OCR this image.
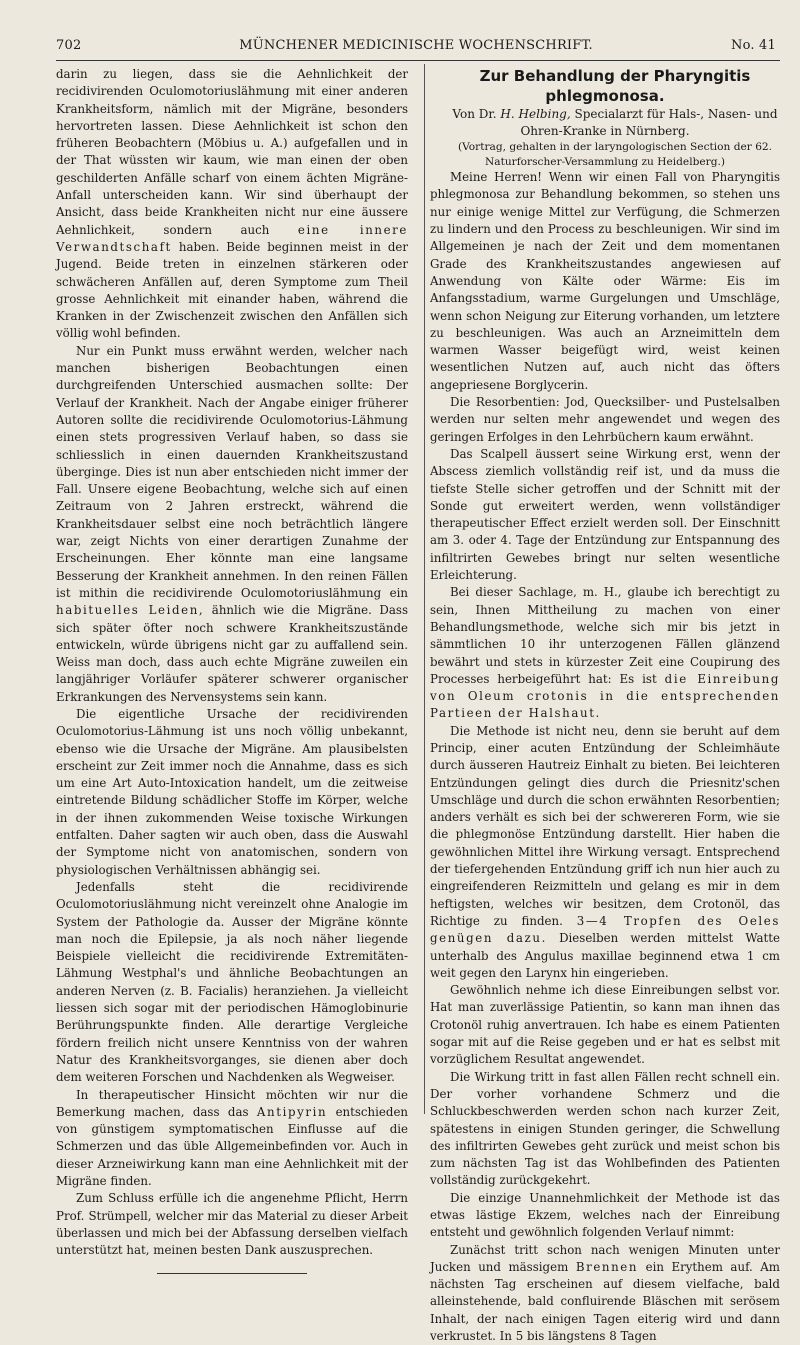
702	MÜNCHENER MEDICINISCHE WOCHENSCHRIFT.	No. 41

darin zu liegen, dass sie die Aehnlichkeit der recidivirenden Oculomotoriuslähmung mit einer anderen Krankheitsform, nämlich mit der Migräne, besonders hervortreten lassen. Diese Aehnlichkeit ist schon den früheren Beobachtern (Möbius u. A.) aufgefallen und in der That wüssten wir kaum, wie man einen der oben geschilderten Anfälle scharf von einem ächten Migräne-Anfall unterscheiden kann. Wir sind überhaupt der Ansicht, dass beide Krankheiten nicht nur eine äussere Aehnlichkeit, sondern auch eine innere Verwandtschaft haben. Beide beginnen meist in der Jugend. Beide treten in einzelnen stärkeren oder schwächeren Anfällen auf, deren Symptome zum Theil grosse Aehnlichkeit mit einander haben, während die Kranken in der Zwischenzeit zwischen den Anfällen sich völlig wohl befinden.

Nur ein Punkt muss erwähnt werden, welcher nach manchen bisherigen Beobachtungen einen durchgreifenden Unterschied ausmachen sollte: Der Verlauf der Krankheit. Nach der Angabe einiger früherer Autoren sollte die recidivirende Oculomotorius-Lähmung einen stets progressiven Verlauf haben, so dass sie schliesslich in einen dauernden Krankheitszustand übergingе. Dies ist nun aber entschieden nicht immer der Fall. Unsere eigene Beobachtung, welche sich auf einen Zeitraum von 2 Jahren erstreckt, während die Krankheitsdauer selbst eine noch beträchtlich längere war, zeigt Nichts von einer derartigen Zunahme der Erscheinungen. Eher könnte man eine langsame Besserung der Krankheit annehmen. In den reinen Fällen ist mithin die recidivirende Oculomotoriuslähmung ein habituelles Leiden, ähnlich wie die Migräne. Dass sich später öfter noch schwere Krankheitszustände entwickeln, würde übrigens nicht gar zu auffallend sein. Weiss man doch, dass auch echte Migräne zuweilen ein langjähriger Vorläufer späterer schwerer organischer Erkrankungen des Nervensystems sein kann.

Die eigentliche Ursache der recidivirenden Oculomotorius-Lähmung ist uns noch völlig unbekannt, ebenso wie die Ursache der Migräne. Am plausibelsten erscheint zur Zeit immer noch die Annahme, dass es sich um eine Art Auto-Intoxication handelt, um die zeitweise eintretende Bildung schädlicher Stoffe im Körper, welche in der ihnen zukommenden Weise toxische Wirkungen entfalten. Daher sagten wir auch oben, dass die Auswahl der Symptome nicht von anatomischen, sondern von physiologischen Verhältnissen abhängig sei.

Jedenfalls steht die recidivirende Oculomotoriuslähmung nicht vereinzelt ohne Analogie im System der Pathologie da. Ausser der Migräne könnte man noch die Epilepsie, ja als noch näher liegende Beispiele vielleicht die recidivirende Extremitäten-Lähmung Westphal's und ähnliche Beobachtungen an anderen Nerven (z. B. Facialis) heranziehen. Ja vielleicht liessen sich sogar mit der periodischen Hämoglobinurie Berührungspunkte finden. Alle derartige Vergleiche fördern freilich nicht unsere Kenntniss von der wahren Natur des Krankheitsvorganges, sie dienen aber doch dem weiteren Forschen und Nachdenken als Wegweiser.

In therapeutischer Hinsicht möchten wir nur die Bemerkung machen, dass das Antipyrin entschieden von günstigem symptomatischen Einflusse auf die Schmerzen und das üble Allgemeinbefinden vor. Auch in dieser Arzneiwirkung kann man eine Aehnlichkeit mit der Migräne finden.

Zum Schluss erfülle ich die angenehme Pflicht, Herrn Prof. Strümpell, welcher mir das Material zu dieser Arbeit überlassen und mich bei der Abfassung derselben vielfach unterstützt hat, meinen besten Dank auszusprechen.

Zur Behandlung der Pharyngitis phlegmonosa.

Von Dr. H. Helbing, Specialarzt für Hals-, Nasen- und Ohren-Kranke in Nürnberg.

(Vortrag, gehalten in der laryngologischen Section der 62. Naturforscher-Versammlung zu Heidelberg.)

Meine Herren! Wenn wir einen Fall von Pharyngitis phlegmonosa zur Behandlung bekommen, so stehen uns nur einige wenige Mittel zur Verfügung, die Schmerzen zu lindern und den Process zu beschleunigen. Wir sind im Allgemeinen je nach der Zeit und dem momentanen Grade des Krankheitszustandes angewiesen auf Anwendung von Kälte oder Wärme: Eis im Anfangsstadium, warme Gurgelungen und Umschläge, wenn schon Neigung zur Eiterung vorhanden, um letztere zu beschleunigen. Was auch an Arzneimitteln dem warmen Wasser beigefügt wird, weist keinen wesentlichen Nutzen auf, auch nicht das öfters angepriesene Borglycerin.

Die Resorbentien: Jod, Quecksilber- und Pustelsalben werden nur selten mehr angewendet und wegen des geringen Erfolges in den Lehrbüchern kaum erwähnt.

Das Scalpell äussert seine Wirkung erst, wenn der Abscess ziemlich vollständig reif ist, und da muss die tiefste Stelle sicher getroffen und der Schnitt mit der Sonde gut erweitert werden, wenn vollständiger therapeutischer Effect erzielt werden soll. Der Einschnitt am 3. oder 4. Tage der Entzündung zur Entspannung des infiltrirten Gewebes bringt nur selten wesentliche Erleichterung.

Bei dieser Sachlage, m. H., glaube ich berechtigt zu sein, Ihnen Mittheilung zu machen von einer Behandlungsmethode, welche sich mir bis jetzt in sämmtlichen 10 ihr unterzogenen Fällen glänzend bewährt und stets in kürzester Zeit eine Coupirung des Processes herbeigeführt hat: Es ist die Einreibung von Oleum crotonis in die entsprechenden Partieen der Halshaut.

Die Methode ist nicht neu, denn sie beruht auf dem Princip, einer acuten Entzündung der Schleimhäute durch äusseren Hautreiz Einhalt zu bieten. Bei leichteren Entzündungen gelingt dies durch die Priesnitz'schen Umschläge und durch die schon erwähnten Resorbentien; anders verhält es sich bei der schwereren Form, wie sie die phlegmonöse Entzündung darstellt. Hier haben die gewöhnlichen Mittel ihre Wirkung versagt. Entsprechend der tiefergehenden Entzündung griff ich nun hier auch zu eingreifenderen Reizmitteln und gelang es mir in dem heftigsten, welches wir besitzen, dem Crotonöl, das Richtige zu finden. 3—4 Tropfen des Oeles genügen dazu. Dieselben werden mittelst Watte unterhalb des Angulus maxillae beginnend etwa 1 cm weit gegen den Larynx hin eingerieben.

Gewöhnlich nehme ich diese Einreibungen selbst vor. Hat man zuverlässige Patientin, so kann man ihnen das Crotonöl ruhig anvertrauen. Ich habe es einem Patienten sogar mit auf die Reise gegeben und er hat es selbst mit vorzüglichem Resultat angewendet.

Die Wirkung tritt in fast allen Fällen recht schnell ein. Der vorher vorhandene Schmerz und die Schluckbeschwerden werden schon nach kurzer Zeit, spätestens in einigen Stunden geringer, die Schwellung des infiltrirten Gewebes geht zurück und meist schon bis zum nächsten Tag ist das Wohlbefinden des Patienten vollständig zurückgekehrt.

Die einzige Unannehmlichkeit der Methode ist das etwas lästige Ekzem, welches nach der Einreibung entsteht und gewöhnlich folgenden Verlauf nimmt:

Zunächst tritt schon nach wenigen Minuten unter Jucken und mässigem Brennen ein Erythem auf. Am nächsten Tag erscheinen auf diesem vielfache, bald alleinstehende, bald confluirende Bläschen mit serösem Inhalt, der nach einigen Tagen eiterig wird und dann verkrustet. In 5 bis längstens 8 Tagen
